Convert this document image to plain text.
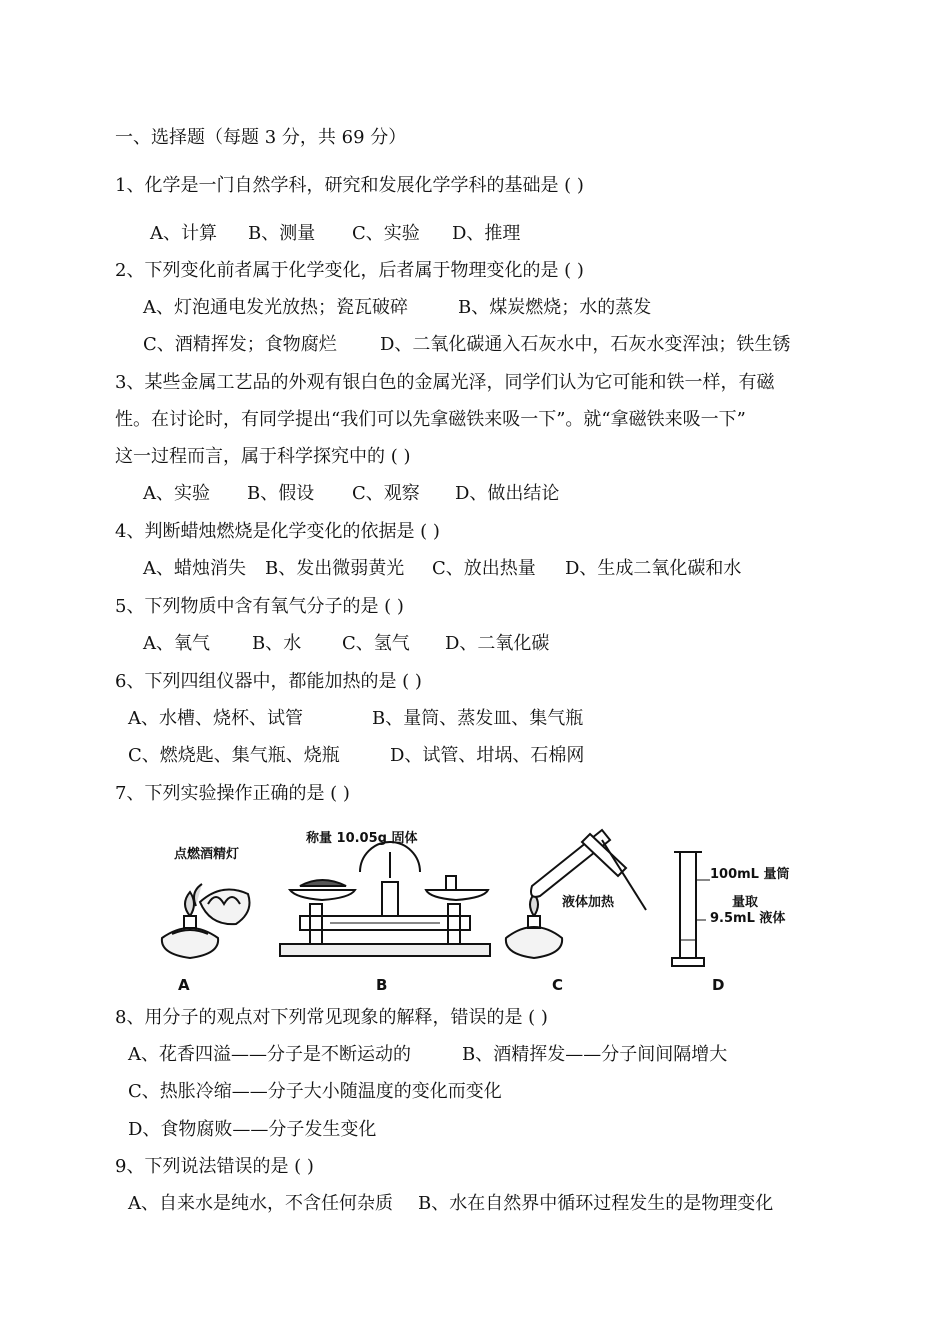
一、选择题（每题 3 分，共 69 分）
1、化学是一门自然学科，研究和发展化学学科的基础是 ( )
A、计算 B、测量 C、实验 D、推理
2、下列变化前者属于化学变化，后者属于物理变化的是 ( )
A、灯泡通电发光放热；瓷瓦破碎	B、煤炭燃烧；水的蒸发
C、酒精挥发；食物腐烂 D、二氧化碳通入石灰水中，石灰水变浑浊；铁生锈
3、某些金属工艺品的外观有银白色的金属光泽，同学们认为它可能和铁一样，有磁
性。在讨论时，有同学提出“我们可以先拿磁铁来吸一下”。就“拿磁铁来吸一下”
这一过程而言，属于科学探究中的 ( )
A、实验 B、假设 C、观察 D、做出结论
4、判断蜡烛燃烧是化学变化的依据是 ( )
A、蜡烛消失 B、发出微弱黄光 C、放出热量 D、生成二氧化碳和水
5、下列物质中含有氧气分子的是 ( )
A、氧气 B、水 C、氢气 D、二氧化碳
6、下列四组仪器中，都能加热的是 ( )
A、水槽、烧杯、试管	B、量筒、蒸发皿、集气瓶
C、燃烧匙、集气瓶、烧瓶	D、试管、坩埚、石棉网
7、下列实验操作正确的是 ( )
点燃酒精灯
称量 10.05g 固体
液体加热
100mL 量筒
量取
9.5mL 液体
A	B	C	D
8、用分子的观点对下列常见现象的解释，错误的是 ( )
A、花香四溢——分子是不断运动的	B、酒精挥发——分子间间隔增大
C、热胀冷缩——分子大小随温度的变化而变化
D、食物腐败——分子发生变化
9、下列说法错误的是 ( )
A、自来水是纯水，不含任何杂质 B、水在自然界中循环过程发生的是物理变化
